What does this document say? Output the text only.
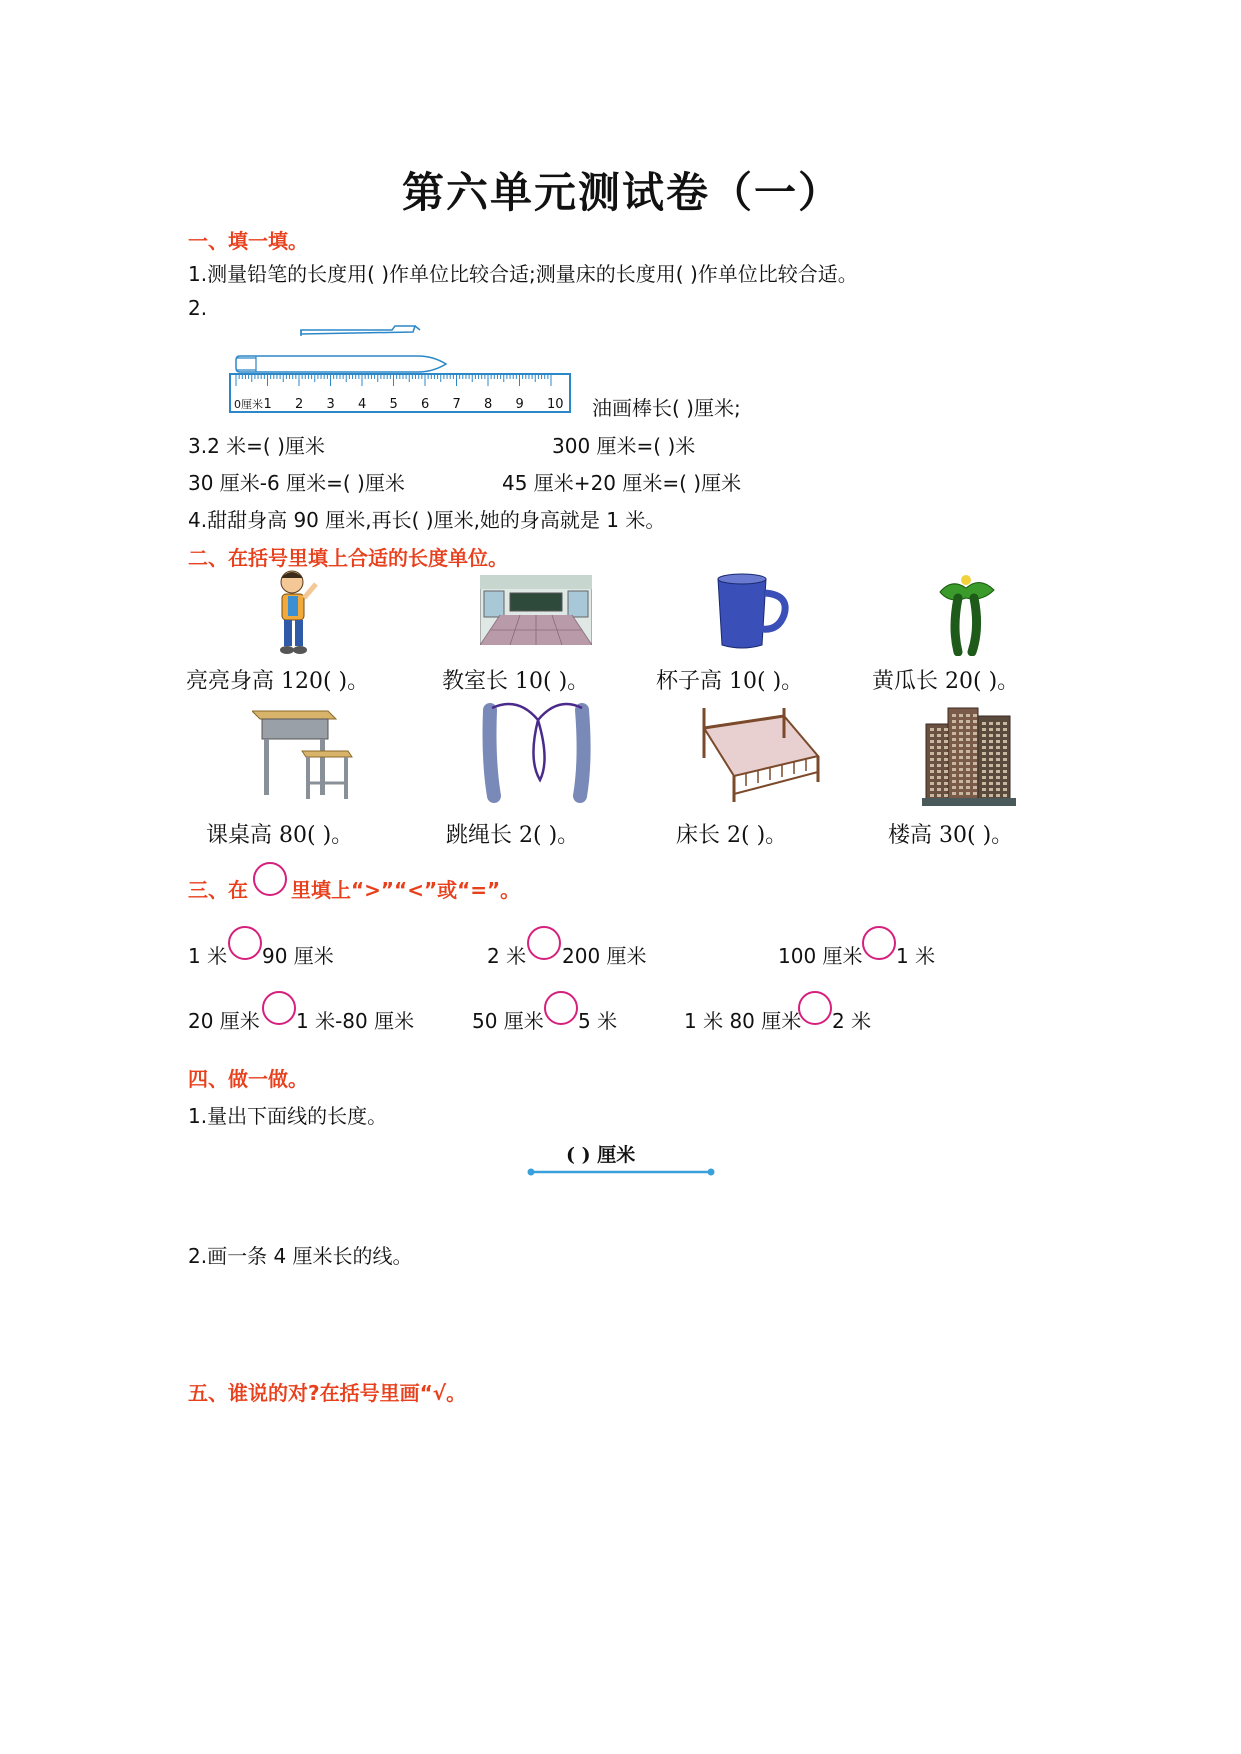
第六单元测试卷（一）
一、填一填。
1.测量铅笔的长度用( )作单位比较合适;测量床的长度用( )作单位比较合适。
2.
0厘米 1 2 3 4 5 6 7 8 9 10 油画棒长( )厘米;
3.2 米=( )厘米	300 厘米=( )米
30 厘米-6 厘米=( )厘米	45 厘米+20 厘米=( )厘米
4.甜甜身高 90 厘米,再长( )厘米,她的身高就是 1 米。
二、在括号里填上合适的长度单位。
亮亮身高 120( )。	教室长 10( )。	杯子高 10( )。	黄瓜长 20( )。
课桌高 80( )。	跳绳长 2( )。	床长 2( )。	楼高 30( )。
三、在 里填上“>”“<”或“=”。
1 米 90 厘米	2 米 200 厘米	100 厘米 1 米
20 厘米 1 米-80 厘米	50 厘米 5 米	1 米 80 厘米 2 米
四、做一做。
1.量出下面线的长度。
( ) 厘米
2.画一条 4 厘米长的线。
五、谁说的对?在括号里画“√。
